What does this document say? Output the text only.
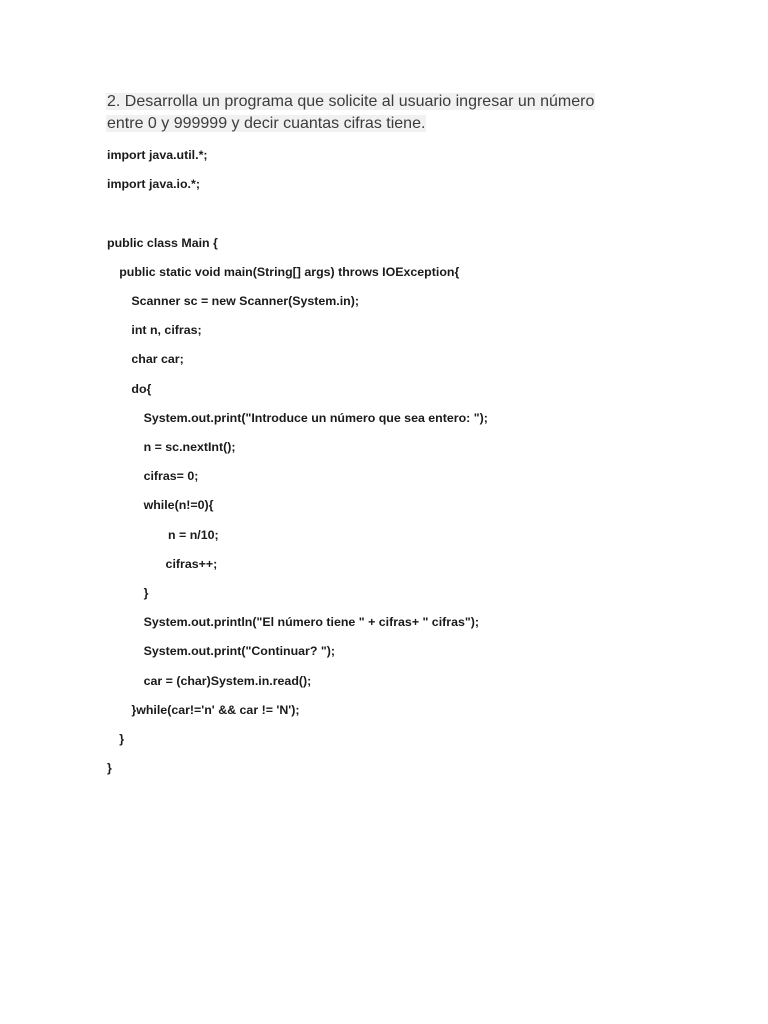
2. Desarrolla un programa que solicite al usuario ingresar un número
entre 0 y 999999 y decir cuantas cifras tiene.

import java.util.*;
import java.io.*;
public class Main {
public static void main(String[] args) throws IOException{
Scanner sc = new Scanner(System.in);
int n, cifras;
char car;
do{
System.out.print("Introduce un número que sea entero: ");
n = sc.nextInt();
cifras= 0;
while(n!=0){
n = n/10;
cifras++;
}
System.out.println("El número tiene " + cifras+ " cifras");
System.out.print("Continuar? ");
car = (char)System.in.read();
}while(car!='n' && car != 'N');
}
}
